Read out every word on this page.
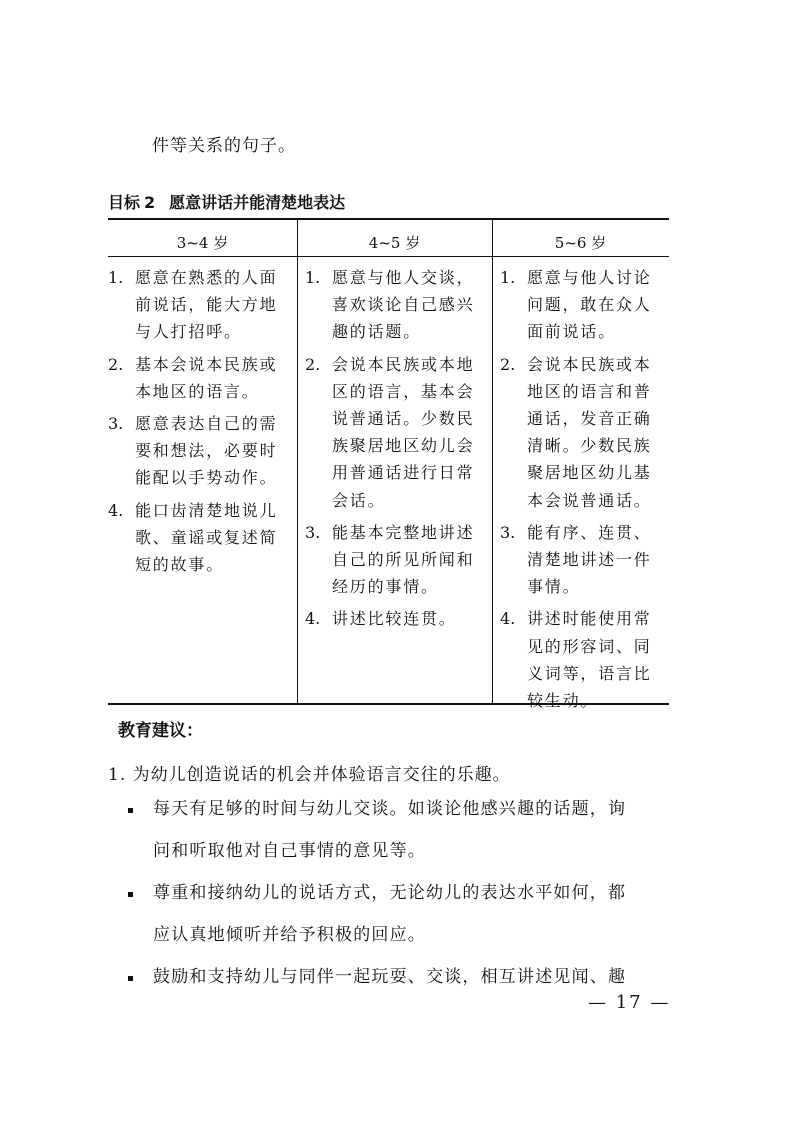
件等关系的句子。
目标 2 愿意讲话并能清楚地表达
3~4 岁
1. 愿意在熟悉的人面
前说话，能大方地
与人打招呼。
2. 基本会说本民族或
本地区的语言。
3. 愿意表达自己的需
要和想法，必要时
能配以手势动作。
4. 能口齿清楚地说儿
歌、童谣或复述简
短的故事。
4~5 岁
1. 愿意与他人交谈，
喜欢谈论自己感兴
趣的话题。
2. 会说本民族或本地
区的语言，基本会
说普通话。少数民
族聚居地区幼儿会
用普通话进行日常
会话。
3. 能基本完整地讲述
自己的所见所闻和
经历的事情。
4. 讲述比较连贯。
5~6 岁
1. 愿意与他人讨论
问题，敢在众人
面前说话。
2. 会说本民族或本
地区的语言和普
通话，发音正确
清晰。少数民族
聚居地区幼儿基
本会说普通话。
3. 能有序、连贯、
清楚地讲述一件
事情。
4. 讲述时能使用常
见的形容词、同
义词等，语言比
较生动。
教育建议：
1. 为幼儿创造说话的机会并体验语言交往的乐趣。
每天有足够的时间与幼儿交谈。如谈论他感兴趣的话题，询
问和听取他对自己事情的意见等。
尊重和接纳幼儿的说话方式，无论幼儿的表达水平如何，都
应认真地倾听并给予积极的回应。
鼓励和支持幼儿与同伴一起玩耍、交谈，相互讲述见闻、趣
— 17 —
